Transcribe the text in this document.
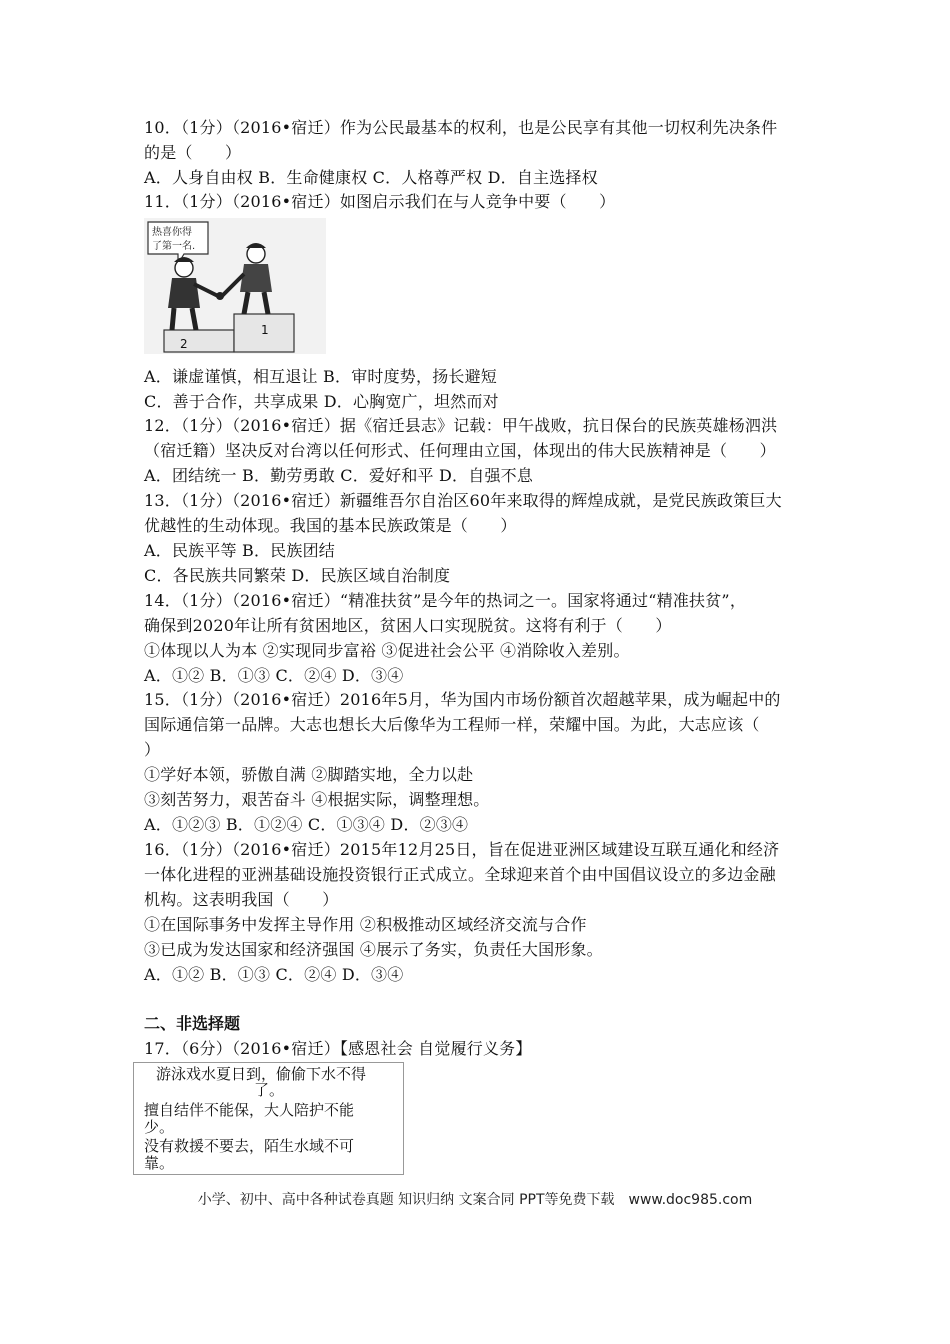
10．（1分）（2016•宿迁）作为公民最基本的权利，也是公民享有其他一切权利先决条件
的是（　　）
A．人身自由权 B．生命健康权 C．人格尊严权 D．自主选择权
11．（1分）（2016•宿迁）如图启示我们在与人竞争中要（　　）
热喜你得
了第一名.
2
1
A．谦虚谨慎，相互退让 B．审时度势，扬长避短
C．善于合作，共享成果 D．心胸宽广，坦然而对
12．（1分）（2016•宿迁）据《宿迁县志》记载：甲午战败，抗日保台的民族英雄杨泗洪
（宿迁籍）坚决反对台湾以任何形式、任何理由立国，体现出的伟大民族精神是（　　）
A．团结统一 B．勤劳勇敢 C．爱好和平 D．自强不息
13．（1分）（2016•宿迁）新疆维吾尔自治区60年来取得的辉煌成就，是党民族政策巨大
优越性的生动体现。我国的基本民族政策是（　　）
A．民族平等 B．民族团结
C．各民族共同繁荣 D．民族区域自治制度
14．（1分）（2016•宿迁）“精准扶贫”是今年的热词之一。国家将通过“精准扶贫”，
确保到2020年让所有贫困地区，贫困人口实现脱贫。这将有利于（　　）
①体现以人为本 ②实现同步富裕 ③促进社会公平 ④消除收入差别。
A．①② B．①③ C．②④ D．③④
15．（1分）（2016•宿迁）2016年5月，华为国内市场份额首次超越苹果，成为崛起中的
国际通信第一品牌。大志也想长大后像华为工程师一样，荣耀中国。为此，大志应该（
）
①学好本领，骄傲自满 ②脚踏实地，全力以赴
③刻苦努力，艰苦奋斗 ④根据实际，调整理想。
A．①②③ B．①②④ C．①③④ D．②③④
16．（1分）（2016•宿迁）2015年12月25日，旨在促进亚洲区域建设互联互通化和经济
一体化进程的亚洲基础设施投资银行正式成立。全球迎来首个由中国倡议设立的多边金融
机构。这表明我国（　　）
①在国际事务中发挥主导作用 ②积极推动区域经济交流与合作
③已成为发达国家和经济强国 ④展示了务实，负责任大国形象。
A．①② B．①③ C．②④ D．③④
二、非选择题
17．（6分）（2016•宿迁）【感恩社会 自觉履行义务】
游泳戏水夏日到，偷偷下水不得
了。
擅自结伴不能保，大人陪护不能
少。
没有救援不要去，陌生水域不可
靠。
小学、初中、高中各种试卷真题 知识归纳 文案合同 PPT等免费下载　www.doc985.com
